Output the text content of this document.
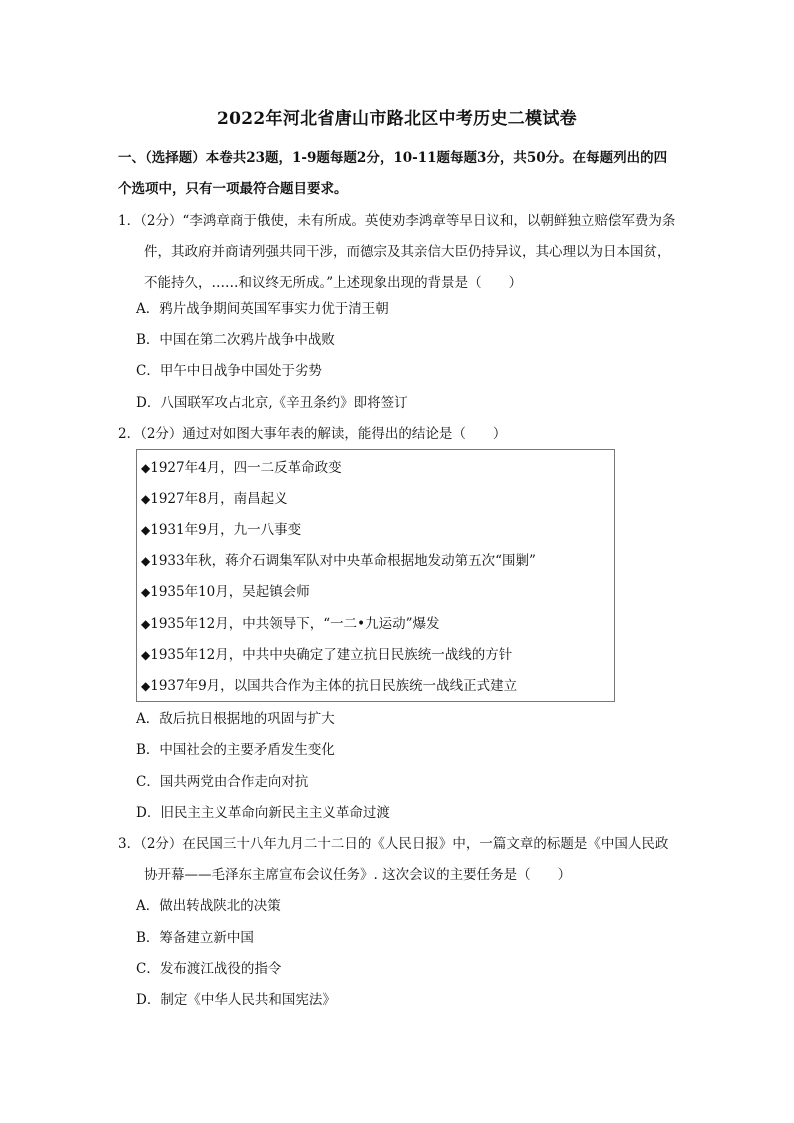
2022年河北省唐山市路北区中考历史二模试卷
一、（选择题）本卷共23题，1-9题每题2分，10-11题每题3分，共50分。在每题列出的四个选项中，只有一项最符合题目要求。
1．（2分）“李鸿章商于俄使，未有所成。英使劝李鸿章等早日议和，以朝鲜独立赔偿军费为条件，其政府并商请列强共同干涉，而德宗及其亲信大臣仍持异议，其心理以为日本国贫，不能持久，……和议终无所成。”上述现象出现的背景是（　　）
A．鸦片战争期间英国军事实力优于清王朝
B．中国在第二次鸦片战争中战败
C．甲午中日战争中国处于劣势
D．八国联军攻占北京,《辛丑条约》即将签订
2．（2分）通过对如图大事年表的解读，能得出的结论是（　　）
◆1927年4月，四一二反革命政变
◆1927年8月，南昌起义
◆1931年9月，九一八事变
◆1933年秋，蒋介石调集军队对中央革命根据地发动第五次“围剿”
◆1935年10月，吴起镇会师
◆1935年12月，中共领导下，“一二•九运动”爆发
◆1935年12月，中共中央确定了建立抗日民族统一战线的方针
◆1937年9月，以国共合作为主体的抗日民族统一战线正式建立
A．敌后抗日根据地的巩固与扩大
B．中国社会的主要矛盾发生变化
C．国共两党由合作走向对抗
D．旧民主主义革命向新民主主义革命过渡
3．（2分）在民国三十八年九月二十二日的《人民日报》中，一篇文章的标题是《中国人民政协开幕——毛泽东主席宣布会议任务》. 这次会议的主要任务是（　　）
A．做出转战陕北的决策
B．筹备建立新中国
C．发布渡江战役的指令
D．制定《中华人民共和国宪法》
